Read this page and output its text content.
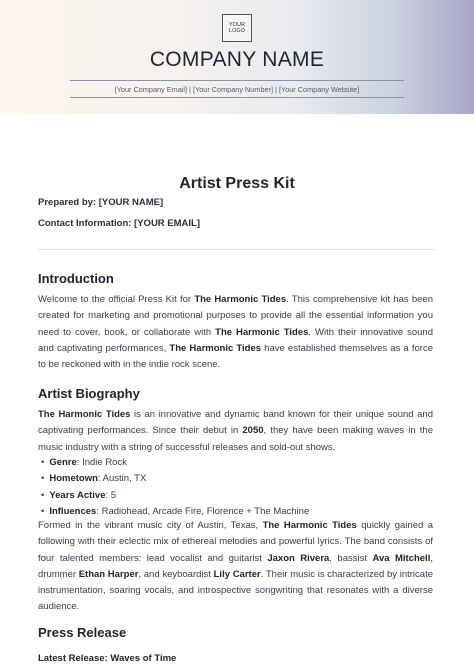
YOUR
LOGO
COMPANY NAME
[Your Company Email] | [Your Company Number] | [Your Company Website]
Artist Press Kit
Prepared by: [YOUR NAME]
Contact Information: [YOUR EMAIL]
Introduction
Welcome to the official Press Kit for The Harmonic Tides. This comprehensive kit has been created for marketing and promotional purposes to provide all the essential information you need to cover, book, or collaborate with The Harmonic Tides. With their innovative sound and captivating performances, The Harmonic Tides have established themselves as a force to be reckoned with in the indie rock scene.
Artist Biography
The Harmonic Tides is an innovative and dynamic band known for their unique sound and captivating performances. Since their debut in 2050, they have been making waves in the music industry with a string of successful releases and sold-out shows.
• Genre: Indie Rock
• Hometown: Austin, TX
• Years Active: 5
• Influences: Radiohead, Arcade Fire, Florence + The Machine
Formed in the vibrant music city of Austin, Texas, The Harmonic Tides quickly gained a following with their eclectic mix of ethereal melodies and powerful lyrics. The band consists of four talented members: lead vocalist and guitarist Jaxon Rivera, bassist Ava Mitchell, drummer Ethan Harper, and keyboardist Lily Carter. Their music is characterized by intricate instrumentation, soaring vocals, and introspective songwriting that resonates with a diverse audience.
Press Release
Latest Release: Waves of Time
